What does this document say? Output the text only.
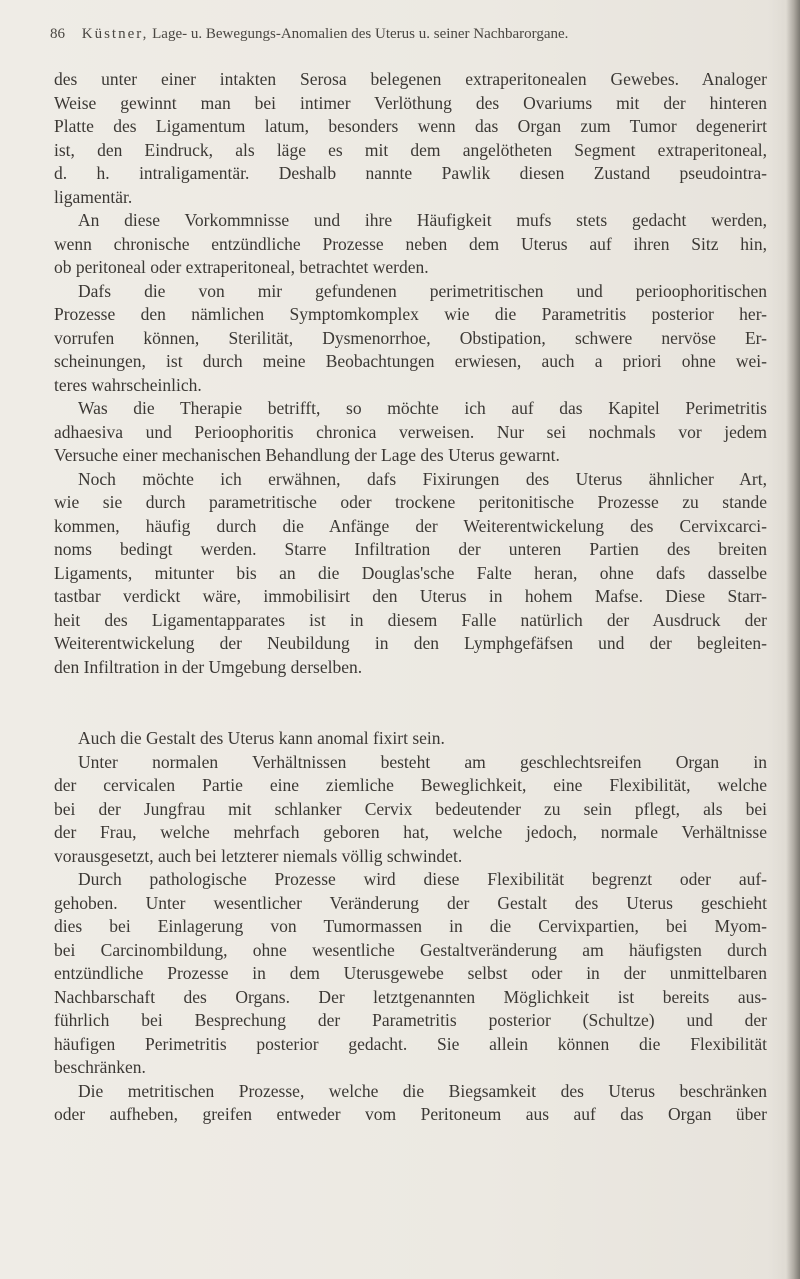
86 Küstner, Lage- u. Bewegungs-Anomalien des Uterus u. seiner Nachbarorgane.
des unter einer intakten Serosa belegenen extraperitonealen Gewebes. Analoger
Weise gewinnt man bei intimer Verlöthung des Ovariums mit der hinteren
Platte des Ligamentum latum, besonders wenn das Organ zum Tumor degenerirt
ist, den Eindruck, als läge es mit dem angelötheten Segment extraperitoneal,
d. h. intraligamentär. Deshalb nannte Pawlik diesen Zustand pseudointra-
ligamentär.
An diese Vorkommnisse und ihre Häufigkeit mufs stets gedacht werden,
wenn chronische entzündliche Prozesse neben dem Uterus auf ihren Sitz hin,
ob peritoneal oder extraperitoneal, betrachtet werden.
Dafs die von mir gefundenen perimetritischen und perioophoritischen
Prozesse den nämlichen Symptomkomplex wie die Parametritis posterior her-
vorrufen können, Sterilität, Dysmenorrhoe, Obstipation, schwere nervöse Er-
scheinungen, ist durch meine Beobachtungen erwiesen, auch a priori ohne wei-
teres wahrscheinlich.
Was die Therapie betrifft, so möchte ich auf das Kapitel Perimetritis
adhaesiva und Perioophoritis chronica verweisen. Nur sei nochmals vor jedem
Versuche einer mechanischen Behandlung der Lage des Uterus gewarnt.
Noch möchte ich erwähnen, dafs Fixirungen des Uterus ähnlicher Art,
wie sie durch parametritische oder trockene peritonitische Prozesse zu stande
kommen, häufig durch die Anfänge der Weiterentwickelung des Cervixcarci-
noms bedingt werden. Starre Infiltration der unteren Partien des breiten
Ligaments, mitunter bis an die Douglas'sche Falte heran, ohne dafs dasselbe
tastbar verdickt wäre, immobilisirt den Uterus in hohem Mafse. Diese Starr-
heit des Ligamentapparates ist in diesem Falle natürlich der Ausdruck der
Weiterentwickelung der Neubildung in den Lymphgefäfsen und der begleiten-
den Infiltration in der Umgebung derselben.
Auch die Gestalt des Uterus kann anomal fixirt sein.
Unter normalen Verhältnissen besteht am geschlechtsreifen Organ in
der cervicalen Partie eine ziemliche Beweglichkeit, eine Flexibilität, welche
bei der Jungfrau mit schlanker Cervix bedeutender zu sein pflegt, als bei
der Frau, welche mehrfach geboren hat, welche jedoch, normale Verhältnisse
vorausgesetzt, auch bei letzterer niemals völlig schwindet.
Durch pathologische Prozesse wird diese Flexibilität begrenzt oder auf-
gehoben. Unter wesentlicher Veränderung der Gestalt des Uterus geschieht
dies bei Einlagerung von Tumormassen in die Cervixpartien, bei Myom-
bei Carcinombildung, ohne wesentliche Gestaltveränderung am häufigsten durch
entzündliche Prozesse in dem Uterusgewebe selbst oder in der unmittelbaren
Nachbarschaft des Organs. Der letztgenannten Möglichkeit ist bereits aus-
führlich bei Besprechung der Parametritis posterior (Schultze) und der
häufigen Perimetritis posterior gedacht. Sie allein können die Flexibilität
beschränken.
Die metritischen Prozesse, welche die Biegsamkeit des Uterus beschränken
oder aufheben, greifen entweder vom Peritoneum aus auf das Organ über
